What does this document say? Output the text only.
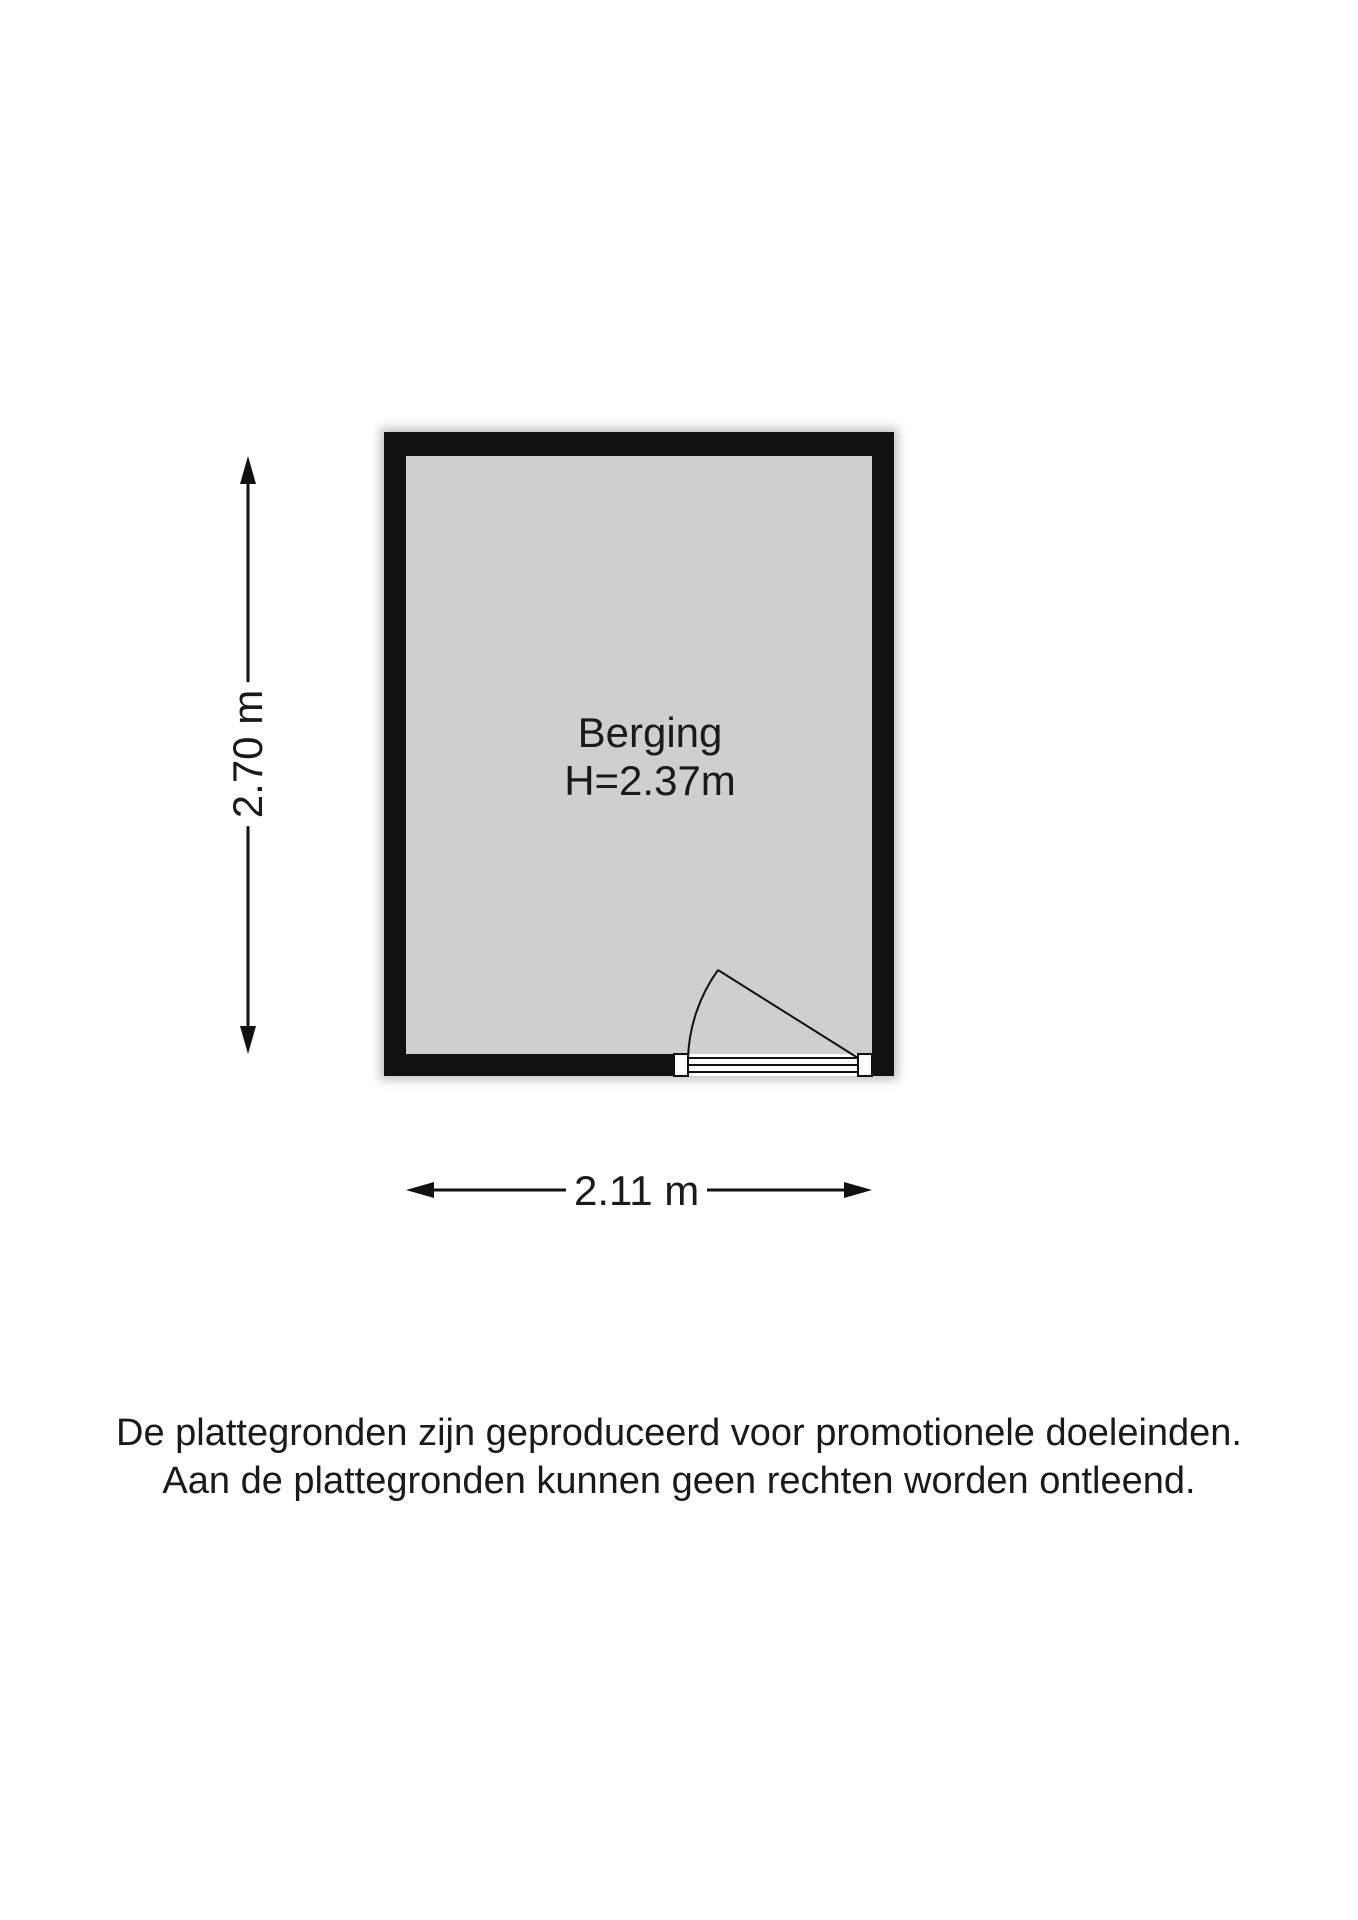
Berging
H=2.37m
2.11 m
2.70 m
De plattegronden zijn geproduceerd voor promotionele doeleinden.
Aan de plattegronden kunnen geen rechten worden ontleend.
